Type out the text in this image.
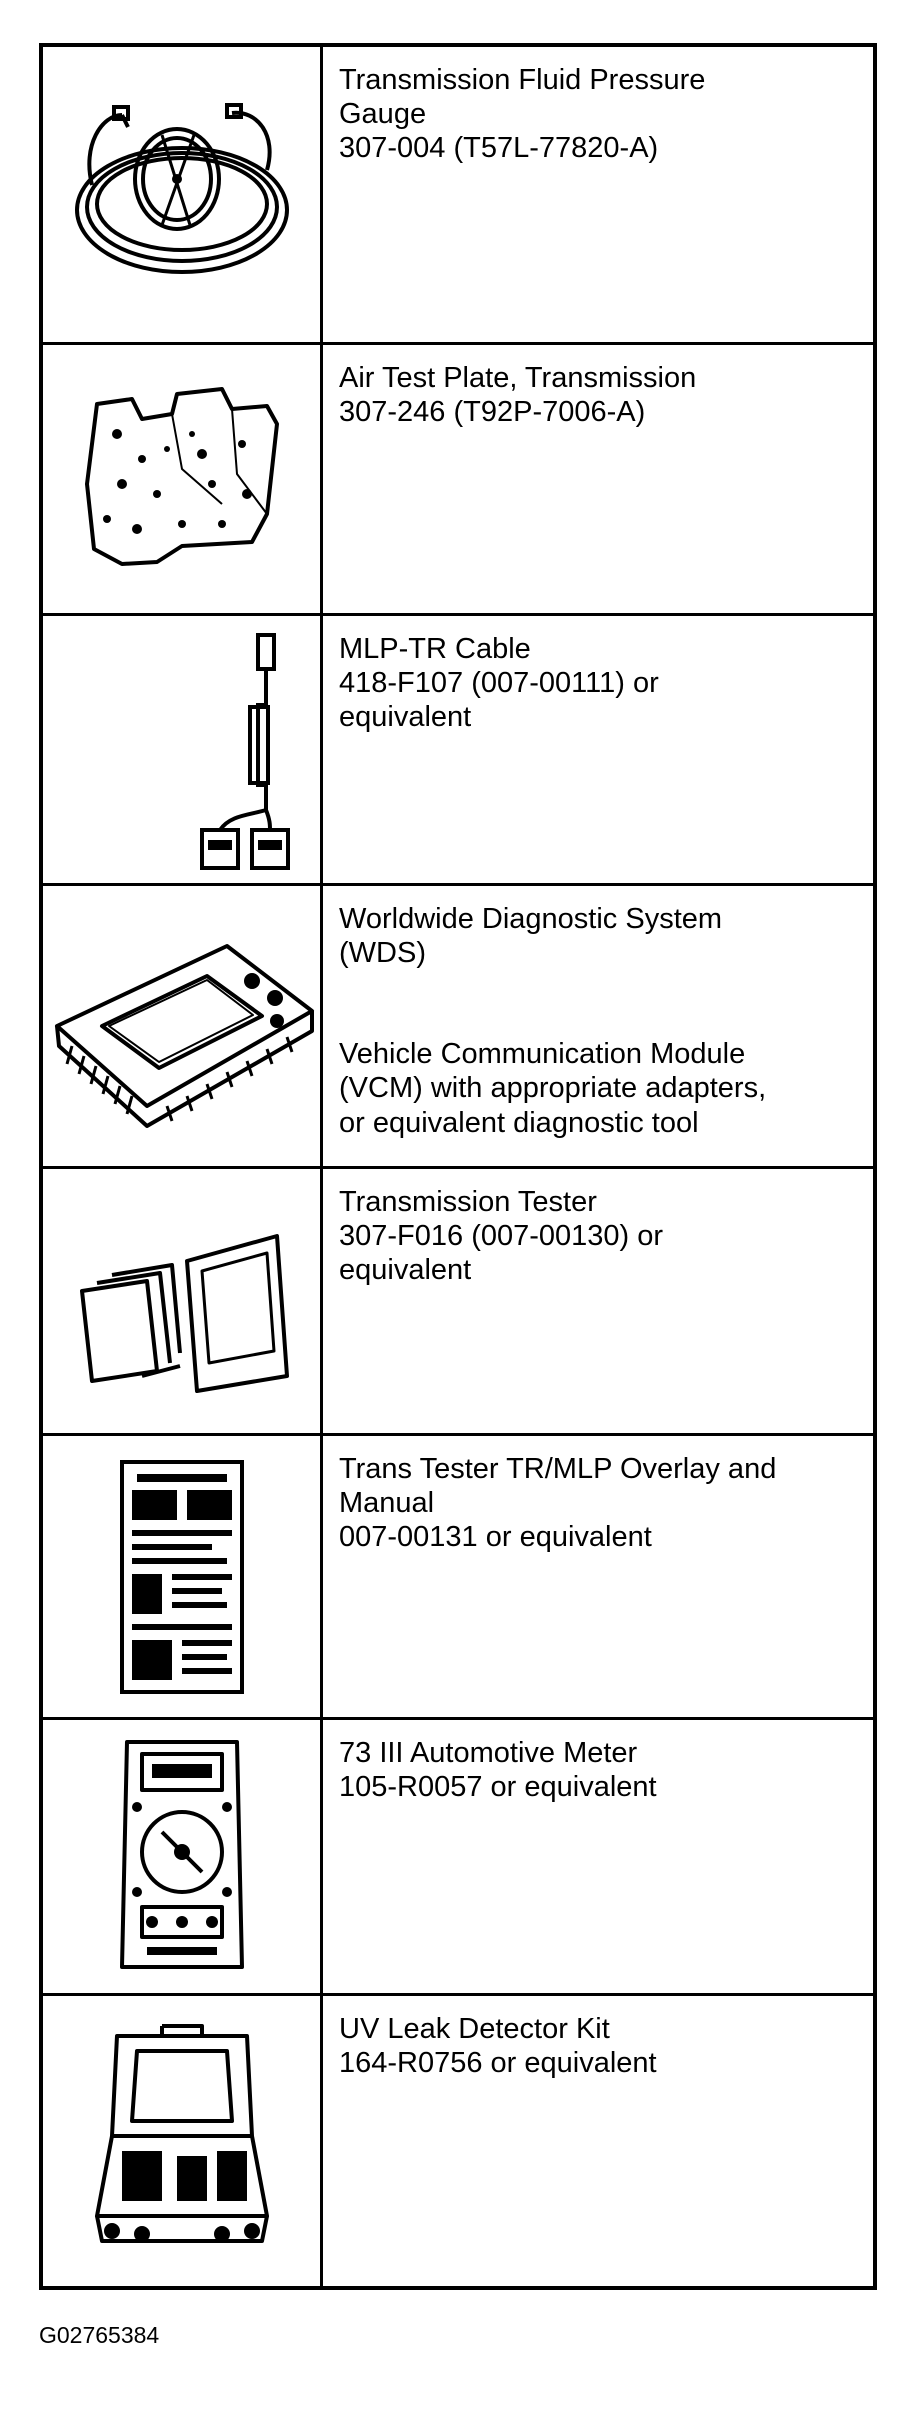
Transmission Fluid Pressure
Gauge
307-004 (T57L-77820-A)
Air Test Plate, Transmission
307-246 (T92P-7006-A)
MLP-TR Cable
418-F107 (007-00111) or
equivalent
Worldwide Diagnostic System
(WDS)
Vehicle Communication Module
(VCM) with appropriate adapters,
or equivalent diagnostic tool
Transmission Tester
307-F016 (007-00130) or
equivalent
Trans Tester TR/MLP Overlay and
Manual
007-00131 or equivalent
73 III Automotive Meter
105-R0057 or equivalent
UV Leak Detector Kit
164-R0756 or equivalent
G02765384
